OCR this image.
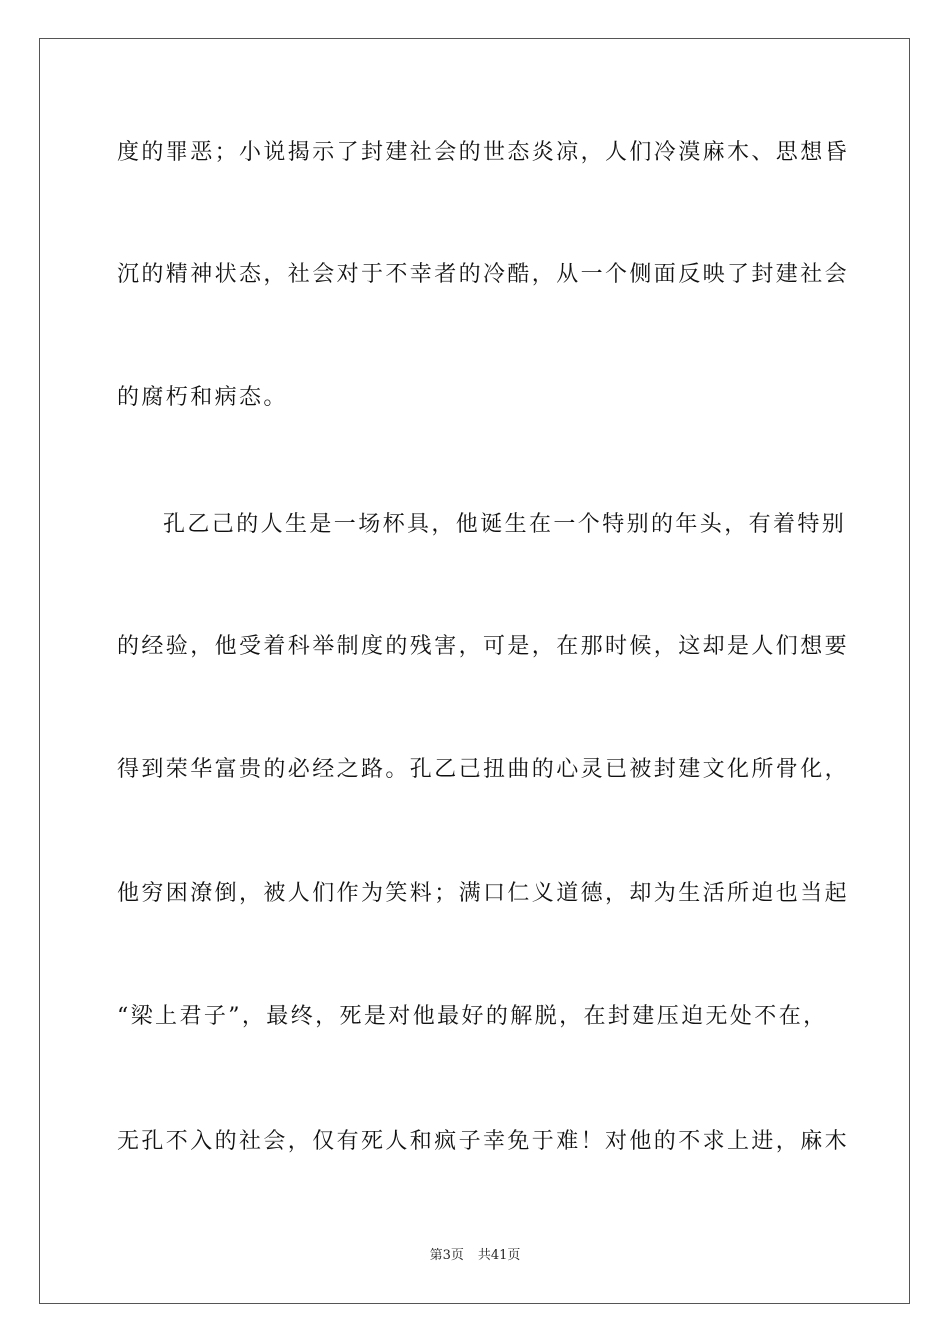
度的罪恶；小说揭示了封建社会的世态炎凉，人们冷漠麻木、思想昏
沉的精神状态，社会对于不幸者的冷酷，从一个侧面反映了封建社会
的腐朽和病态。
孔乙己的人生是一场杯具，他诞生在一个特别的年头，有着特别
的经验，他受着科举制度的残害，可是，在那时候，这却是人们想要
得到荣华富贵的必经之路。孔乙己扭曲的心灵已被封建文化所骨化，
他穷困潦倒，被人们作为笑料；满口仁义道德，却为生活所迫也当起
“梁上君子”，最终，死是对他最好的解脱，在封建压迫无处不在，
无孔不入的社会，仅有死人和疯子幸免于难！对他的不求上进，麻木
第3页 共41页
